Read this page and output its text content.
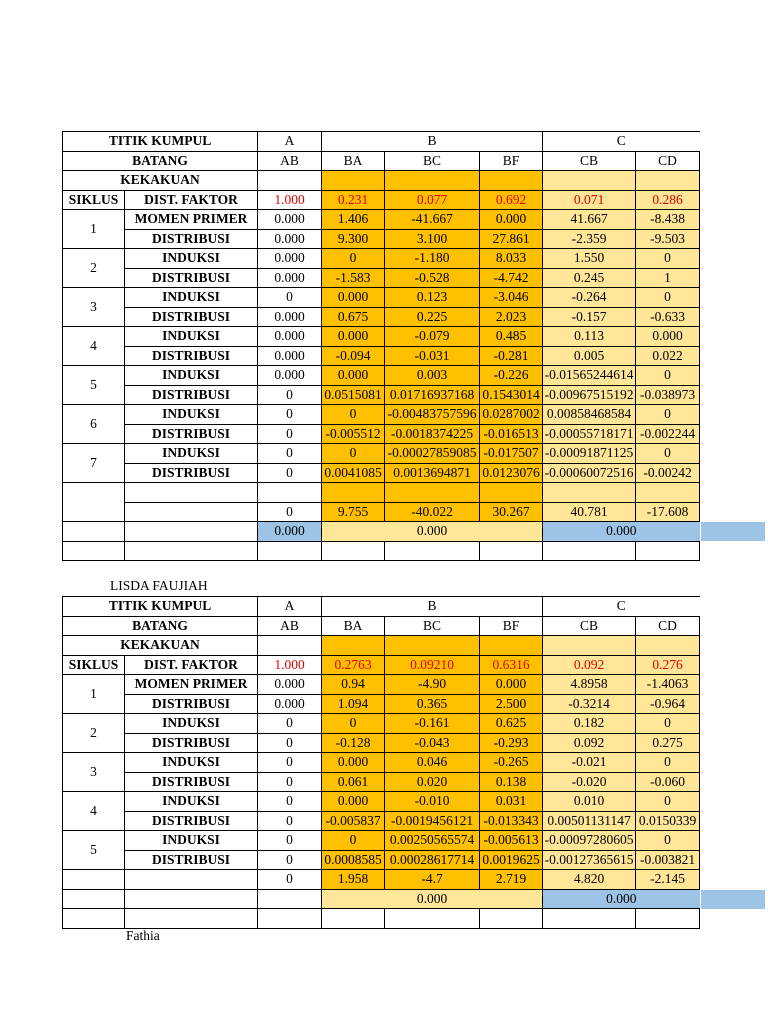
TITIK KUMPUL		A	B			C	
BATANG		AB	BA	BC	BF	CB	CD
KEKAKUAN							
SIKLUS	DIST. FAKTOR	1.000	0.231	0.077	0.692	0.071	0.286
1	MOMEN PRIMER	0.000	1.406	-41.667	0.000	41.667	-8.438
	DISTRIBUSI	0.000	9.300	3.100	27.861	-2.359	-9.503
2	INDUKSI	0.000	0	-1.180	8.033	1.550	0
	DISTRIBUSI	0.000	-1.583	-0.528	-4.742	0.245	1
3	INDUKSI	0	0.000	0.123	-3.046	-0.264	0
	DISTRIBUSI	0.000	0.675	0.225	2.023	-0.157	-0.633
4	INDUKSI	0.000	0.000	-0.079	0.485	0.113	0.000
	DISTRIBUSI	0.000	-0.094	-0.031	-0.281	0.005	0.022
5	INDUKSI	0.000	0.000	0.003	-0.226	-0.01565244614	0
	DISTRIBUSI	0	0.0515081	0.01716937168	0.1543014	-0.00967515192	-0.038973
6	INDUKSI	0	0	-0.00483757596	0.0287002	0.00858468584	0
	DISTRIBUSI	0	-0.005512	-0.0018374225	-0.016513	-0.00055718171	-0.002244
7	INDUKSI	0	0	-0.00027859085	-0.017507	-0.00091871125	0
	DISTRIBUSI	0	0.0041085	0.0013694871	0.0123076	-0.00060072516	-0.00242

		0	9.755	-40.022	30.267	40.781	-17.608
		0.000	0.000			0.000	

LISDA FAUJIAH
TITIK KUMPUL		A	B			C	
BATANG		AB	BA	BC	BF	CB	CD
KEKAKUAN							
SIKLUS	DIST. FAKTOR	1.000	0.2763	0.09210	0.6316	0.092	0.276
1	MOMEN PRIMER	0.000	0.94	-4.90	0.000	4.8958	-1.4063
	DISTRIBUSI	0.000	1.094	0.365	2.500	-0.3214	-0.964
2	INDUKSI	0	0	-0.161	0.625	0.182	0
	DISTRIBUSI	0	-0.128	-0.043	-0.293	0.092	0.275
3	INDUKSI	0	0.000	0.046	-0.265	-0.021	0
	DISTRIBUSI	0	0.061	0.020	0.138	-0.020	-0.060
4	INDUKSI	0	0.000	-0.010	0.031	0.010	0
	DISTRIBUSI	0	-0.005837	-0.0019456121	-0.013343	0.00501131147	0.0150339
5	INDUKSI	0	0	0.00250565574	-0.005613	-0.00097280605	0
	DISTRIBUSI	0	0.0008585	0.00028617714	0.0019625	-0.00127365615	-0.003821
		0	1.958	-4.7	2.719	4.820	-2.145
			0.000			0.000	

Fathia
